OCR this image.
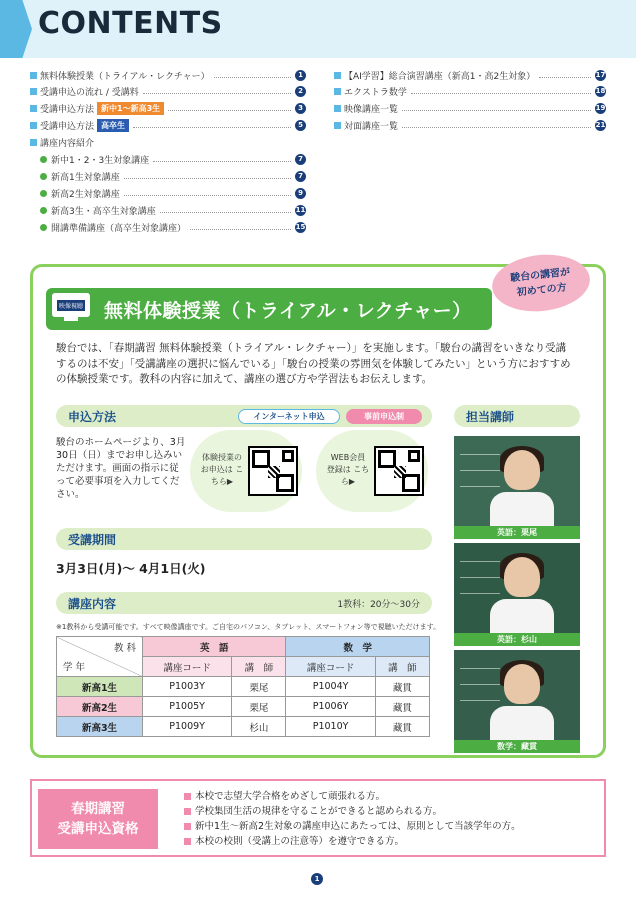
CONTENTS
無料体験授業（トライアル・レクチャー）	1
受講申込の流れ / 受講料	2
受講申込方法 新中1～新高3生	3
受講申込方法 高卒生	5
講座内容紹介
新中1・2・3生対象講座	7
新高1生対象講座	7
新高2生対象講座	9
新高3生・高卒生対象講座	11
開講準備講座（高卒生対象講座）	15
【AI学習】総合演習講座（新高1・高2生対象）	17
エクストラ数学	18
映像講座一覧	19
対面講座一覧	21
駿台の講習が
初めての方
映像視聴 無料体験授業（トライアル・レクチャー）
駿台では、「春期講習 無料体験授業（トライアル・レクチャー）」を実施します。「駿台の講習をいきなり受講するのは不安」「受講講座の選択に悩んでいる」「駿台の授業の雰囲気を体験してみたい」という方におすすめの体験授業です。教科の内容に加えて、講座の選び方や学習法もお伝えします。
申込方法	インターネット申込	事前申込制
駿台のホームページより、3月30日（日）までお申し込みいただけます。画面の指示に従って必要事項を入力してください。
体験授業のお申込は こちら▶
WEB会員 登録は こちら▶
受講期間
3月3日(月)～ 4月1日(火)
講座内容	1教科：20分～30分
※1教科から受講可能です。すべて映像講座です。ご自宅のパソコン、タブレット、スマートフォン等で視聴いただけます。
教 科
学 年	英　語		数　学	
	講座コード	講　師	講座コード	講　師
新高1生	P1003Y	栗尾	P1004Y	藏貫
新高2生	P1005Y	栗尾	P1006Y	藏貫
新高3生	P1009Y	杉山	P1010Y	藏貫
担当講師
英語：栗尾
英語：杉山
数学：藏貫
春期講習
受講申込資格
本校で志望大学合格をめざして頑張れる方。
学校集団生活の規律を守ることができると認められる方。
新中1生～新高2生対象の講座申込にあたっては、原則として当該学年の方。
本校の校則（受講上の注意等）を遵守できる方。
1
